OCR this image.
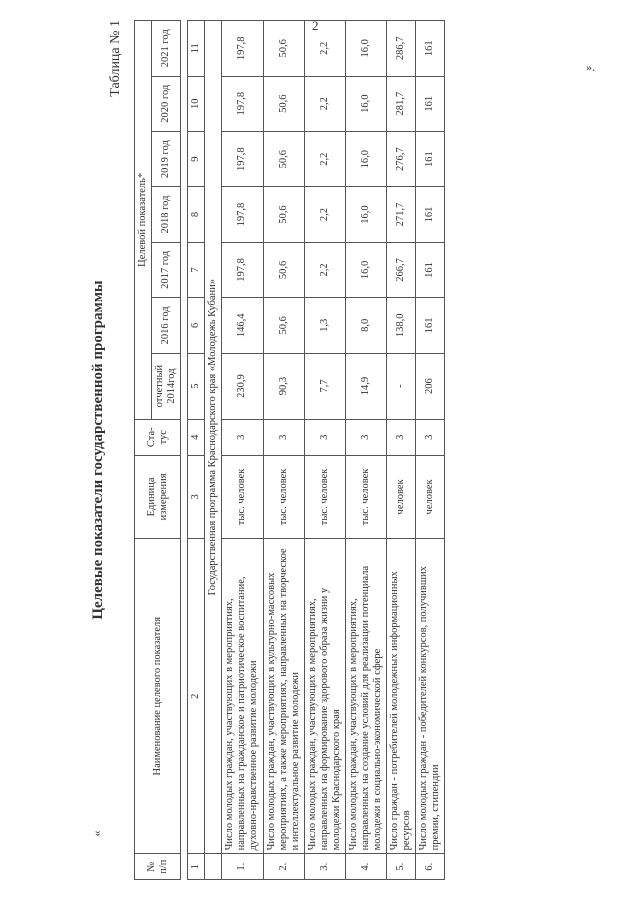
2
».
«
Целевые показатели государственной программы
Таблица № 1
№ п/п	Наименование целевого показателя	Единица измерения	Ста-тус	Целевой показатель*						
				отчетный 2014год	2016 год	2017 год	2018 год	2019 год	2020 год	2021 год

1	2	3	4	5	6	7	8	9	10	11
	Государственная программа Краснодарского края «Молодежь Кубани»									
1.	Число молодых граждан, участвующих в мероприятиях, направленных на гражданское и патриотическое воспитание, духовно-нравственное развитие молодежи	тыс. человек	3	230,9	146,4	197,8	197,8	197,8	197,8	197,8
2.	Число молодых граждан, участвующих в культурно-массовых мероприятиях, а также мероприятиях, направленных на творческое и интеллектуальное развитие молодежи	тыс. человек	3	90,3	50,6	50,6	50,6	50,6	50,6	50,6
3.	Число молодых граждан, участвующих в мероприятиях, направленных на формирование здорового образа жизни у молодежи Краснодарского края	тыс. человек	3	7,7	1,3	2,2	2,2	2,2	2,2	2,2
4.	Число молодых граждан, участвующих в мероприятиях, направленных на создание условий для реализации потенциала молодежи в социально-экономической сфере	тыс. человек	3	14,9	8,0	16,0	16,0	16,0	16,0	16,0
5.	Число граждан - потребителей молодежных информационных ресурсов	человек	3	-	138,0	266,7	271,7	276,7	281,7	286,7
6.	Число молодых граждан - победителей конкурсов, получивших премии, стипендии	человек	3	206	161	161	161	161	161	161
